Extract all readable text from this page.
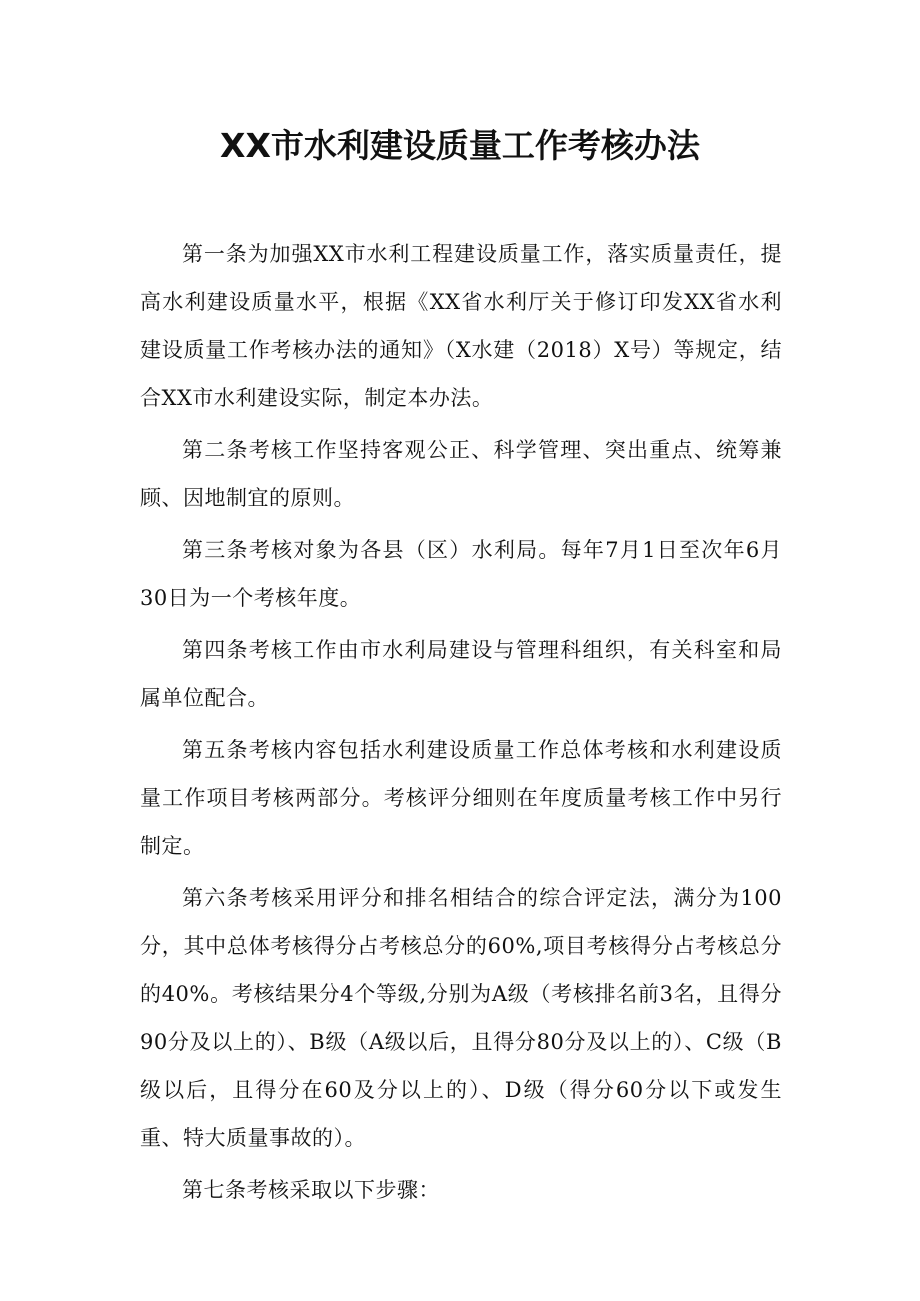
XX市水利建设质量工作考核办法

第一条为加强XX市水利工程建设质量工作，落实质量责任，提高水利建设质量水平，根据《XX省水利厅关于修订印发XX省水利建设质量工作考核办法的通知》（X水建（2018）X号）等规定，结合XX市水利建设实际，制定本办法。

第二条考核工作坚持客观公正、科学管理、突出重点、统筹兼顾、因地制宜的原则。

第三条考核对象为各县（区）水利局。每年7月1日至次年6月30日为一个考核年度。

第四条考核工作由市水利局建设与管理科组织，有关科室和局属单位配合。

第五条考核内容包括水利建设质量工作总体考核和水利建设质量工作项目考核两部分。考核评分细则在年度质量考核工作中另行制定。

第六条考核采用评分和排名相结合的综合评定法，满分为100分，其中总体考核得分占考核总分的60%,项目考核得分占考核总分的40%。考核结果分4个等级,分别为A级（考核排名前3名，且得分90分及以上的）、B级（A级以后，且得分80分及以上的）、C级（B级以后，且得分在60及分以上的）、D级（得分60分以下或发生重、特大质量事故的）。

第七条考核采取以下步骤：
